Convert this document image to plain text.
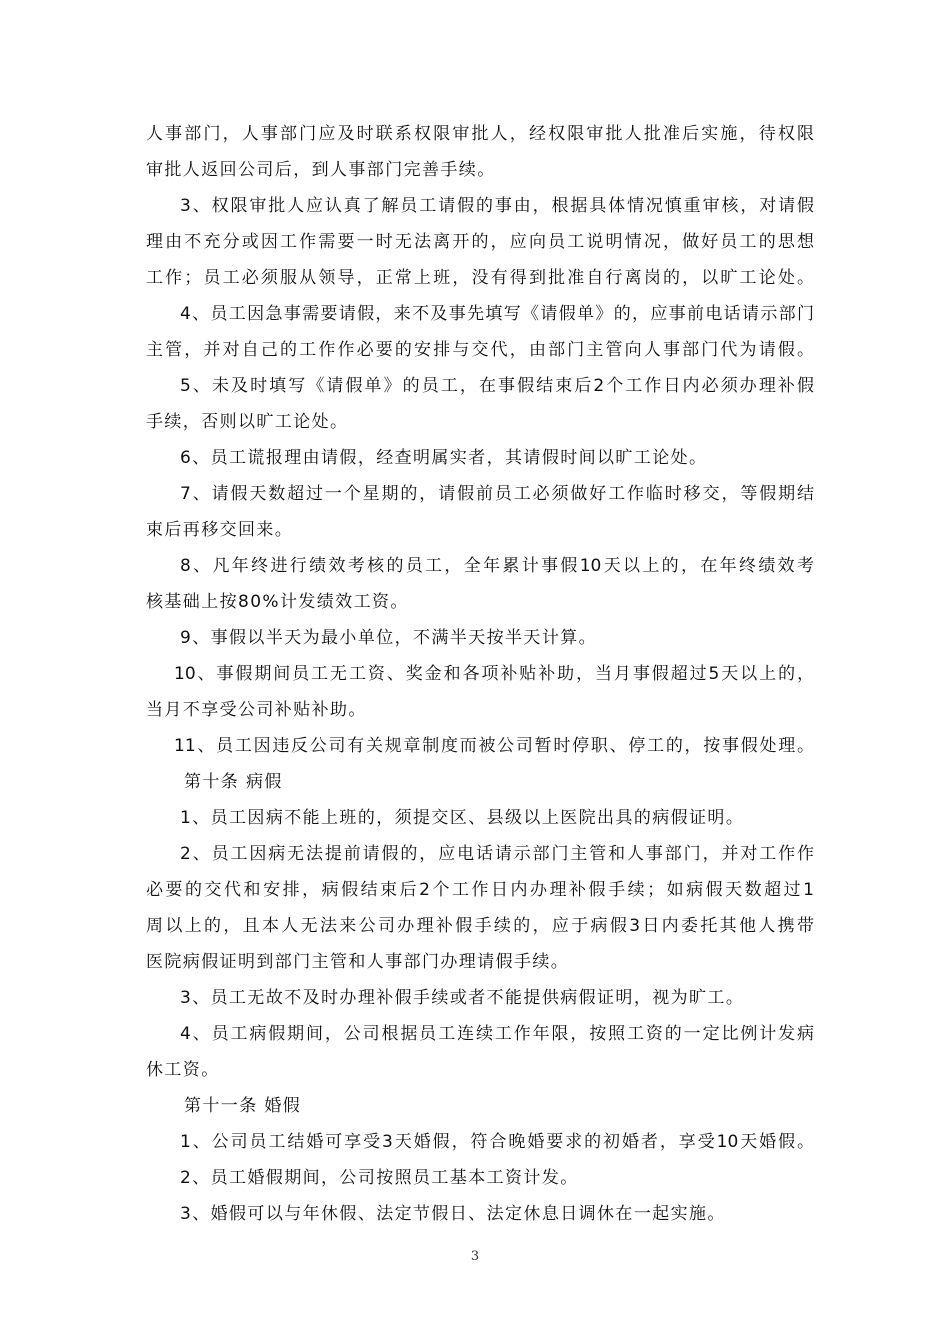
人事部门，人事部门应及时联系权限审批人，经权限审批人批准后实施，待权限

审批人返回公司后，到人事部门完善手续。

3、权限审批人应认真了解员工请假的事由，根据具体情况慎重审核，对请假

理由不充分或因工作需要一时无法离开的，应向员工说明情况，做好员工的思想

工作；员工必须服从领导，正常上班，没有得到批准自行离岗的，以旷工论处。

4、员工因急事需要请假，来不及事先填写《请假单》的，应事前电话请示部门

主管，并对自己的工作作必要的安排与交代，由部门主管向人事部门代为请假。

5、未及时填写《请假单》的员工，在事假结束后2个工作日内必须办理补假

手续，否则以旷工论处。

6、员工谎报理由请假，经查明属实者，其请假时间以旷工论处。

7、请假天数超过一个星期的，请假前员工必须做好工作临时移交，等假期结

束后再移交回来。

8、凡年终进行绩效考核的员工，全年累计事假10天以上的，在年终绩效考

核基础上按80%计发绩效工资。

9、事假以半天为最小单位，不满半天按半天计算。

10、事假期间员工无工资、奖金和各项补贴补助，当月事假超过5天以上的，

当月不享受公司补贴补助。

11、员工因违反公司有关规章制度而被公司暂时停职、停工的，按事假处理。

第十条 病假

1、员工因病不能上班的，须提交区、县级以上医院出具的病假证明。

2、员工因病无法提前请假的，应电话请示部门主管和人事部门，并对工作作

必要的交代和安排，病假结束后2个工作日内办理补假手续；如病假天数超过1

周以上的，且本人无法来公司办理补假手续的，应于病假3日内委托其他人携带

医院病假证明到部门主管和人事部门办理请假手续。

3、员工无故不及时办理补假手续或者不能提供病假证明，视为旷工。

4、员工病假期间，公司根据员工连续工作年限，按照工资的一定比例计发病

休工资。

第十一条 婚假

1、公司员工结婚可享受3天婚假，符合晚婚要求的初婚者，享受10天婚假。

2、员工婚假期间，公司按照员工基本工资计发。

3、婚假可以与年休假、法定节假日、法定休息日调休在一起实施。

3
